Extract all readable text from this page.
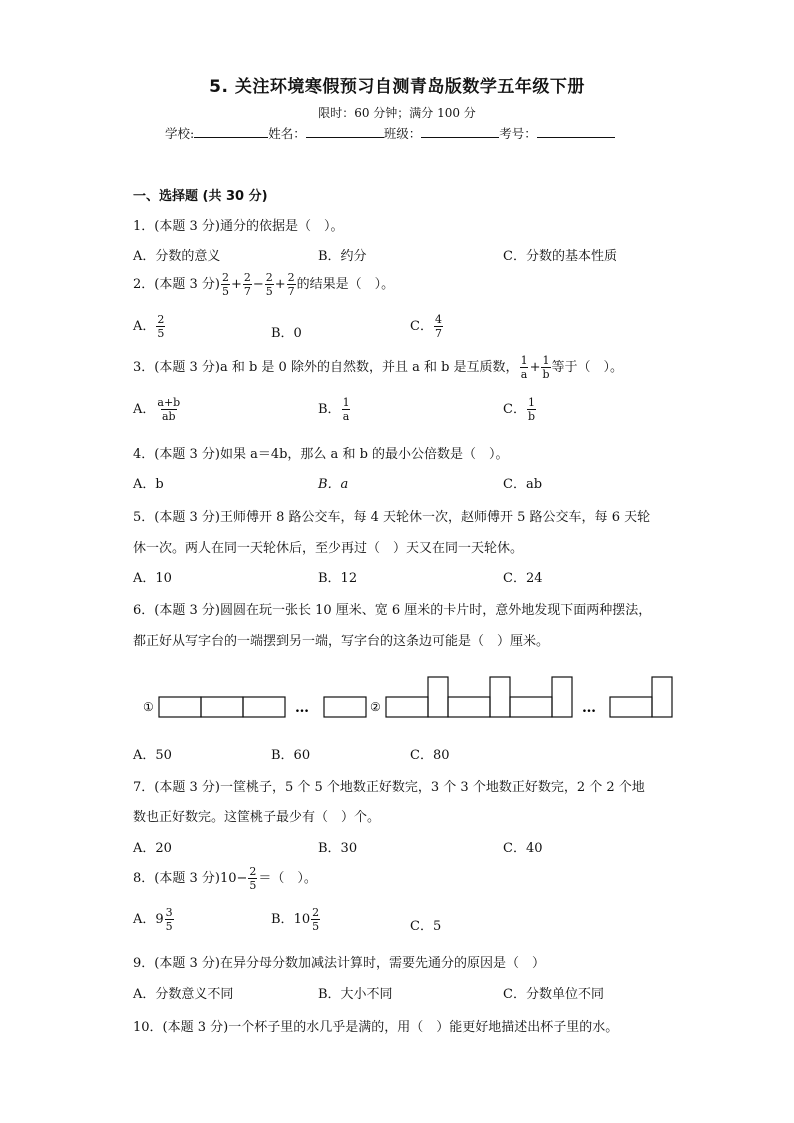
5. 关注环境寒假预习自测青岛版数学五年级下册
限时：60 分钟；满分 100 分
学校:	姓名：	班级：	考号：
一、选择题 (共 30 分)
1．(本题 3 分)通分的依据是（　）。
A．分数的意义	B．约分	C．分数的基本性质
2．(本题 3 分) $\frac{2}{5} + \frac{2}{7} - \frac{2}{5} + \frac{2}{7}$ 的结果是（　）。
A． $\frac{2}{5}$	B．0	C． $\frac{4}{7}$
3．(本题 3 分)a 和 b 是 0 除外的自然数，并且 a 和 b 是互质数， $\frac{1}{a} + \frac{1}{b}$ 等于（　）。
A． $\frac{a+b}{ab}$	B． $\frac{1}{a}$	C． $\frac{1}{b}$
4．(本题 3 分)如果 a＝4b，那么 a 和 b 的最小公倍数是（　）。
A．b	B．a	C．ab
5．(本题 3 分)王师傅开 8 路公交车，每 4 天轮休一次，赵师傅开 5 路公交车，每 6 天轮
休一次。两人在同一天轮休后，至少再过（　）天又在同一天轮休。
A．10	B．12	C．24
6．(本题 3 分)圆圆在玩一张长 10 厘米、宽 6 厘米的卡片时，意外地发现下面两种摆法，
都正好从写字台的一端摆到另一端，写字台的这条边可能是（　）厘米。
①	…	②	…
A．50	B．60	C．80
7．(本题 3 分)一筐桃子，5 个 5 个地数正好数完，3 个 3 个地数正好数完，2 个 2 个地
数也正好数完。这筐桃子最少有（　）个。
A．20	B．30	C．40
8．(本题 3 分)$10- \frac{2}{5}$ ＝（　）。
A．$9 \frac{3}{5}$	B．$10 \frac{2}{5}$	C．5
9．(本题 3 分)在异分母分数加减法计算时，需要先通分的原因是（　）
A．分数意义不同	B．大小不同	C．分数单位不同
10．(本题 3 分)一个杯子里的水几乎是满的，用（　）能更好地描述出杯子里的水。
